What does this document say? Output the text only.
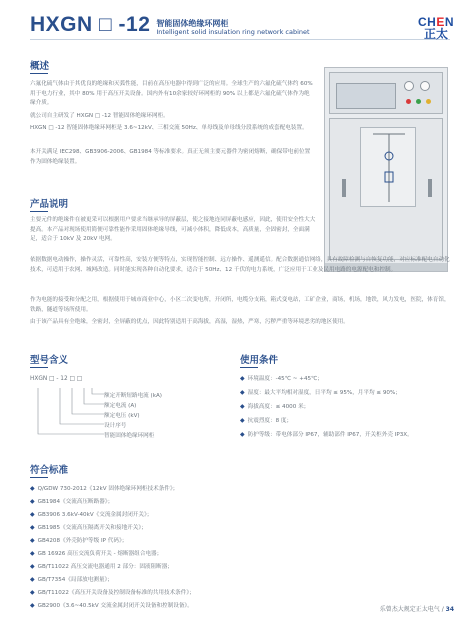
HXGN □ -12 智能固体绝缘环网柜
Intelligent solid insulation ring network cabinet
CHEN
正太
概述
六氟化硫气体由于其优良的绝缘和灭弧性能，目前在高压电器中得到广泛的应用。全球生产的六氟化硫气体约 60% 用于电力行业，其中 80% 用于高压开关设备。国内外有10余家较好环网柜的 90% 以上都是六氟化硫气体作为绝缘介质。
就公司自主研发了 HXGN □ -12 智能固体绝缘环网柜。
HXGN □ -12 智能固体绝缘环网柜是 3.6~12kV、三相交流 50Hz、单母线及单母线分段系统的成套配电装置。
本开关满足 IEC298、GB3906-2006、GB1984 等标准要求。真正无须主要元器件为密闭熔断，确保带电前位置作为固体绝缘装置。
产品说明
主要元件的绝缘件在被更采可以根据用户要求当继承导的屏蔽层，使之接地连同屏蔽电感应，因此，使用安全性大大提高。本产品对现场使用简便可靠性能作采用固体绝缘导线，可减小体积，降低成本，高质量，全固密封，全面满足，适合于 10kV 及 20kV 电网。
依据数据电动操作，操作灵活，可靠性高，安装方便等特点，实现智能控制、远方操作、遥测遥信。配合数据通信网络，具有故障检测与自恢复功能，对应标准配电自动化技术，可适用于农网、城网改造。同时能实现各种自动化要求，适合于 50Hz、12 千伏的电力系统，广泛应用于工业及民用电路的电源配电和控制。
作为电能的接受和分配之用，根据使用于城市商业中心，小区二次变电所，开闭所，电缆分支箱，箱式变电站，工矿企业，商场，机场，地铁，风力发电，医院，体育馆，铁路，隧道等场所使用。
由于该产品具有全绝缘，全密封，全屏蔽的优点，因此特别适用于高海拔，高湿，湿热，严寒，污秽严重等环境恶劣的地区使用。
型号含义
HXGN □ - 12 □ □
额定开断短路电流 (kA)
额定电流 (A)
额定电压 (kV)
设计序号
智能固体绝缘环网柜
使用条件
◆ 环境温度：-45℃ ~ +45℃；
◆ 湿度：最大平均相对湿度，日平均 ≤ 95%，月平均 ≤ 90%；
◆ 海拔高度：≤ 4000 米；
◆ 抗震烈度：8 度；
◆ 防护等级：带电体部分 IP67，辅助部件 IP67，开关柜外壳 IP3X。
符合标准
◆ Q/GDW 730-2012《12kV 固体绝缘环网柜技术条件》；
◆ GB1984《交流高压断路器》；
◆ GB3906 3.6kV-40kV《交流金属封闭开关》；
◆ GB1985《交流高压隔离开关和接地开关》；
◆ GB4208《外壳防护等级 IP 代码》；
◆ GB 16926 高压交流负荷开关 - 熔断器组合电器；
◆ GB/T11022 高压交流电器通用 2 部分：固液阻断器；
◆ GB/T7354《局部放电测量》；
◆ GB/T11022《高压开关设备及控制设备标准的共用技术条件》；
◆ GB2900《3.6~40.5kV 交流金属封闭开关设备和控制设备》。	乐曾杰大规定正太电气 / 34
